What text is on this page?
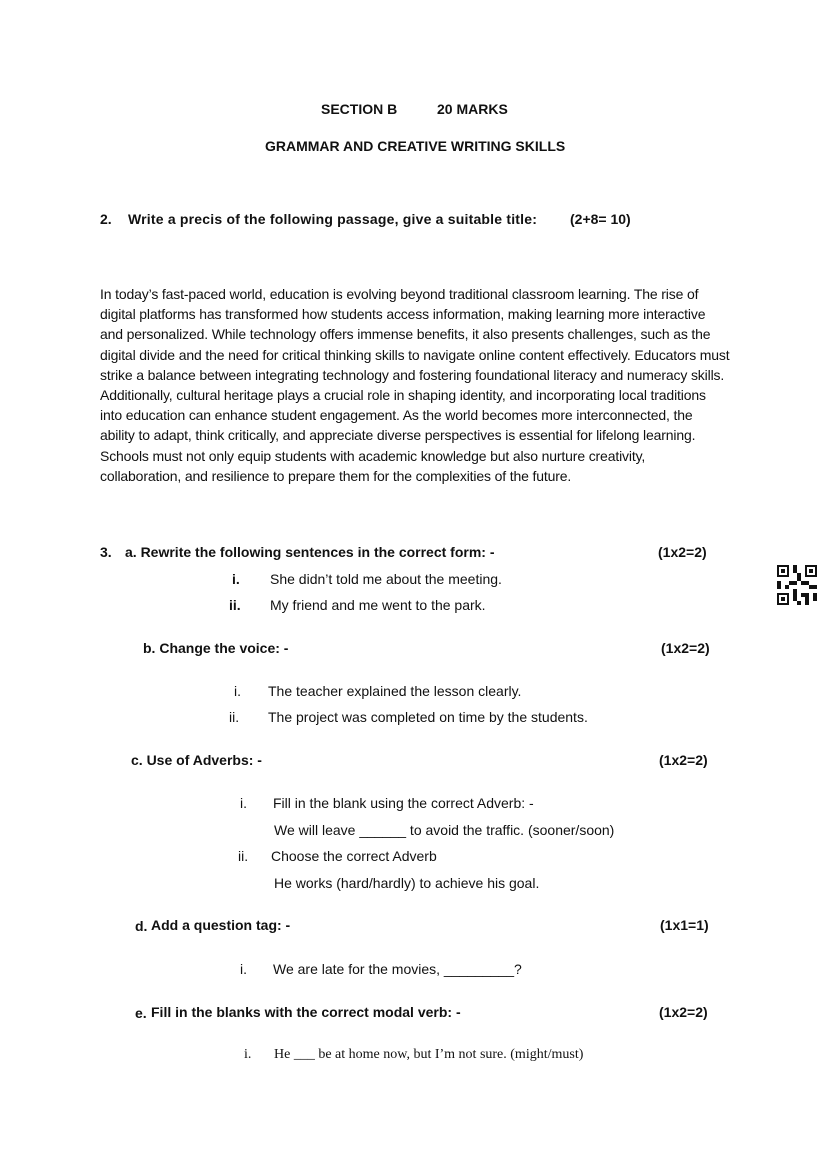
SECTION B	20 MARKS
GRAMMAR AND CREATIVE WRITING SKILLS
2. Write a precis of the following passage, give a suitable title: (2+8= 10)
In today’s fast-paced world, education is evolving beyond traditional classroom learning. The rise of digital platforms has transformed how students access information, making learning more interactive and personalized. While technology offers immense benefits, it also presents challenges, such as the digital divide and the need for critical thinking skills to navigate online content effectively. Educators must strike a balance between integrating technology and fostering foundational literacy and numeracy skills. Additionally, cultural heritage plays a crucial role in shaping identity, and incorporating local traditions into education can enhance student engagement. As the world becomes more interconnected, the ability to adapt, think critically, and appreciate diverse perspectives is essential for lifelong learning. Schools must not only equip students with academic knowledge but also nurture creativity, collaboration, and resilience to prepare them for the complexities of the future.
3. a. Rewrite the following sentences in the correct form: -	(1x2=2)
i. She didn’t told me about the meeting.
ii. My friend and me went to the park.
b. Change the voice: -	(1x2=2)
i. The teacher explained the lesson clearly.
ii. The project was completed on time by the students.
c. Use of Adverbs: -	(1x2=2)
i. Fill in the blank using the correct Adverb: -
We will leave ______ to avoid the traffic. (sooner/soon)
ii. Choose the correct Adverb
He works (hard/hardly) to achieve his goal.
d. Add a question tag: -	(1x1=1)
i. We are late for the movies, _________?
e. Fill in the blanks with the correct modal verb: -	(1x2=2)
i. He ___ be at home now, but I’m not sure. (might/must)
